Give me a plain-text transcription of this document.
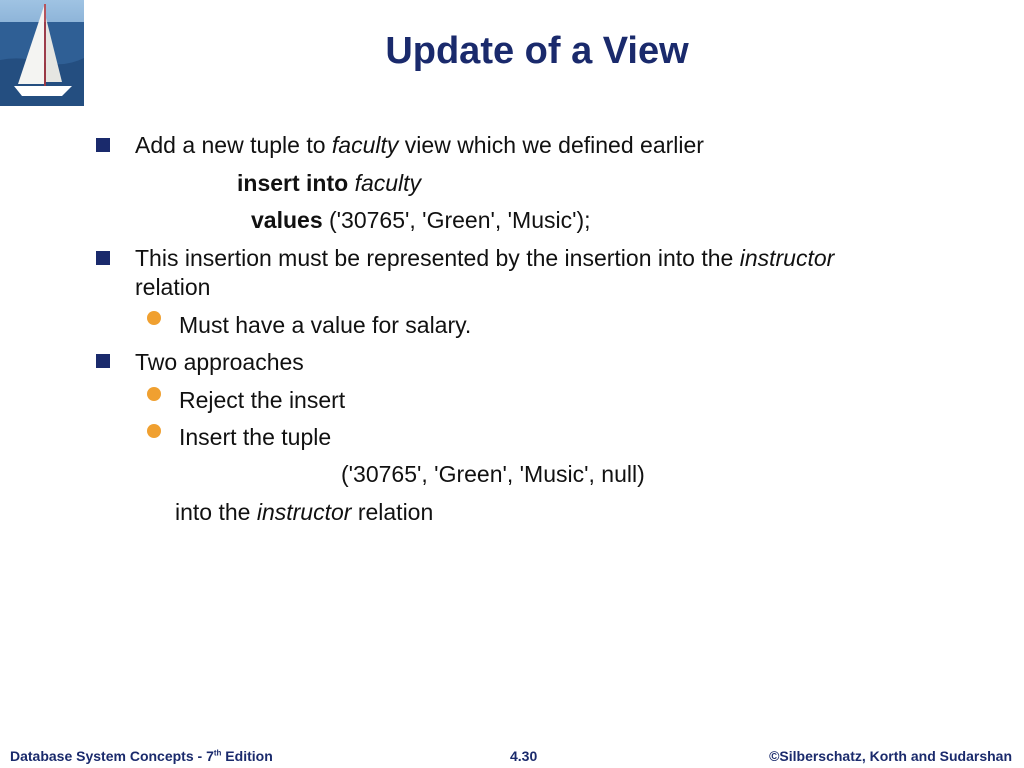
Update of a View
Add a new tuple to faculty view which we defined earlier
insert into faculty
values ('30765', 'Green', 'Music');
This insertion must be represented by the insertion into the instructor
relation
Must have a value for salary.
Two approaches
Reject the insert
Insert the tuple
('30765', 'Green', 'Music', null)
into the instructor relation
Database System Concepts - 7th Edition	4.30	©Silberschatz, Korth and Sudarshan
